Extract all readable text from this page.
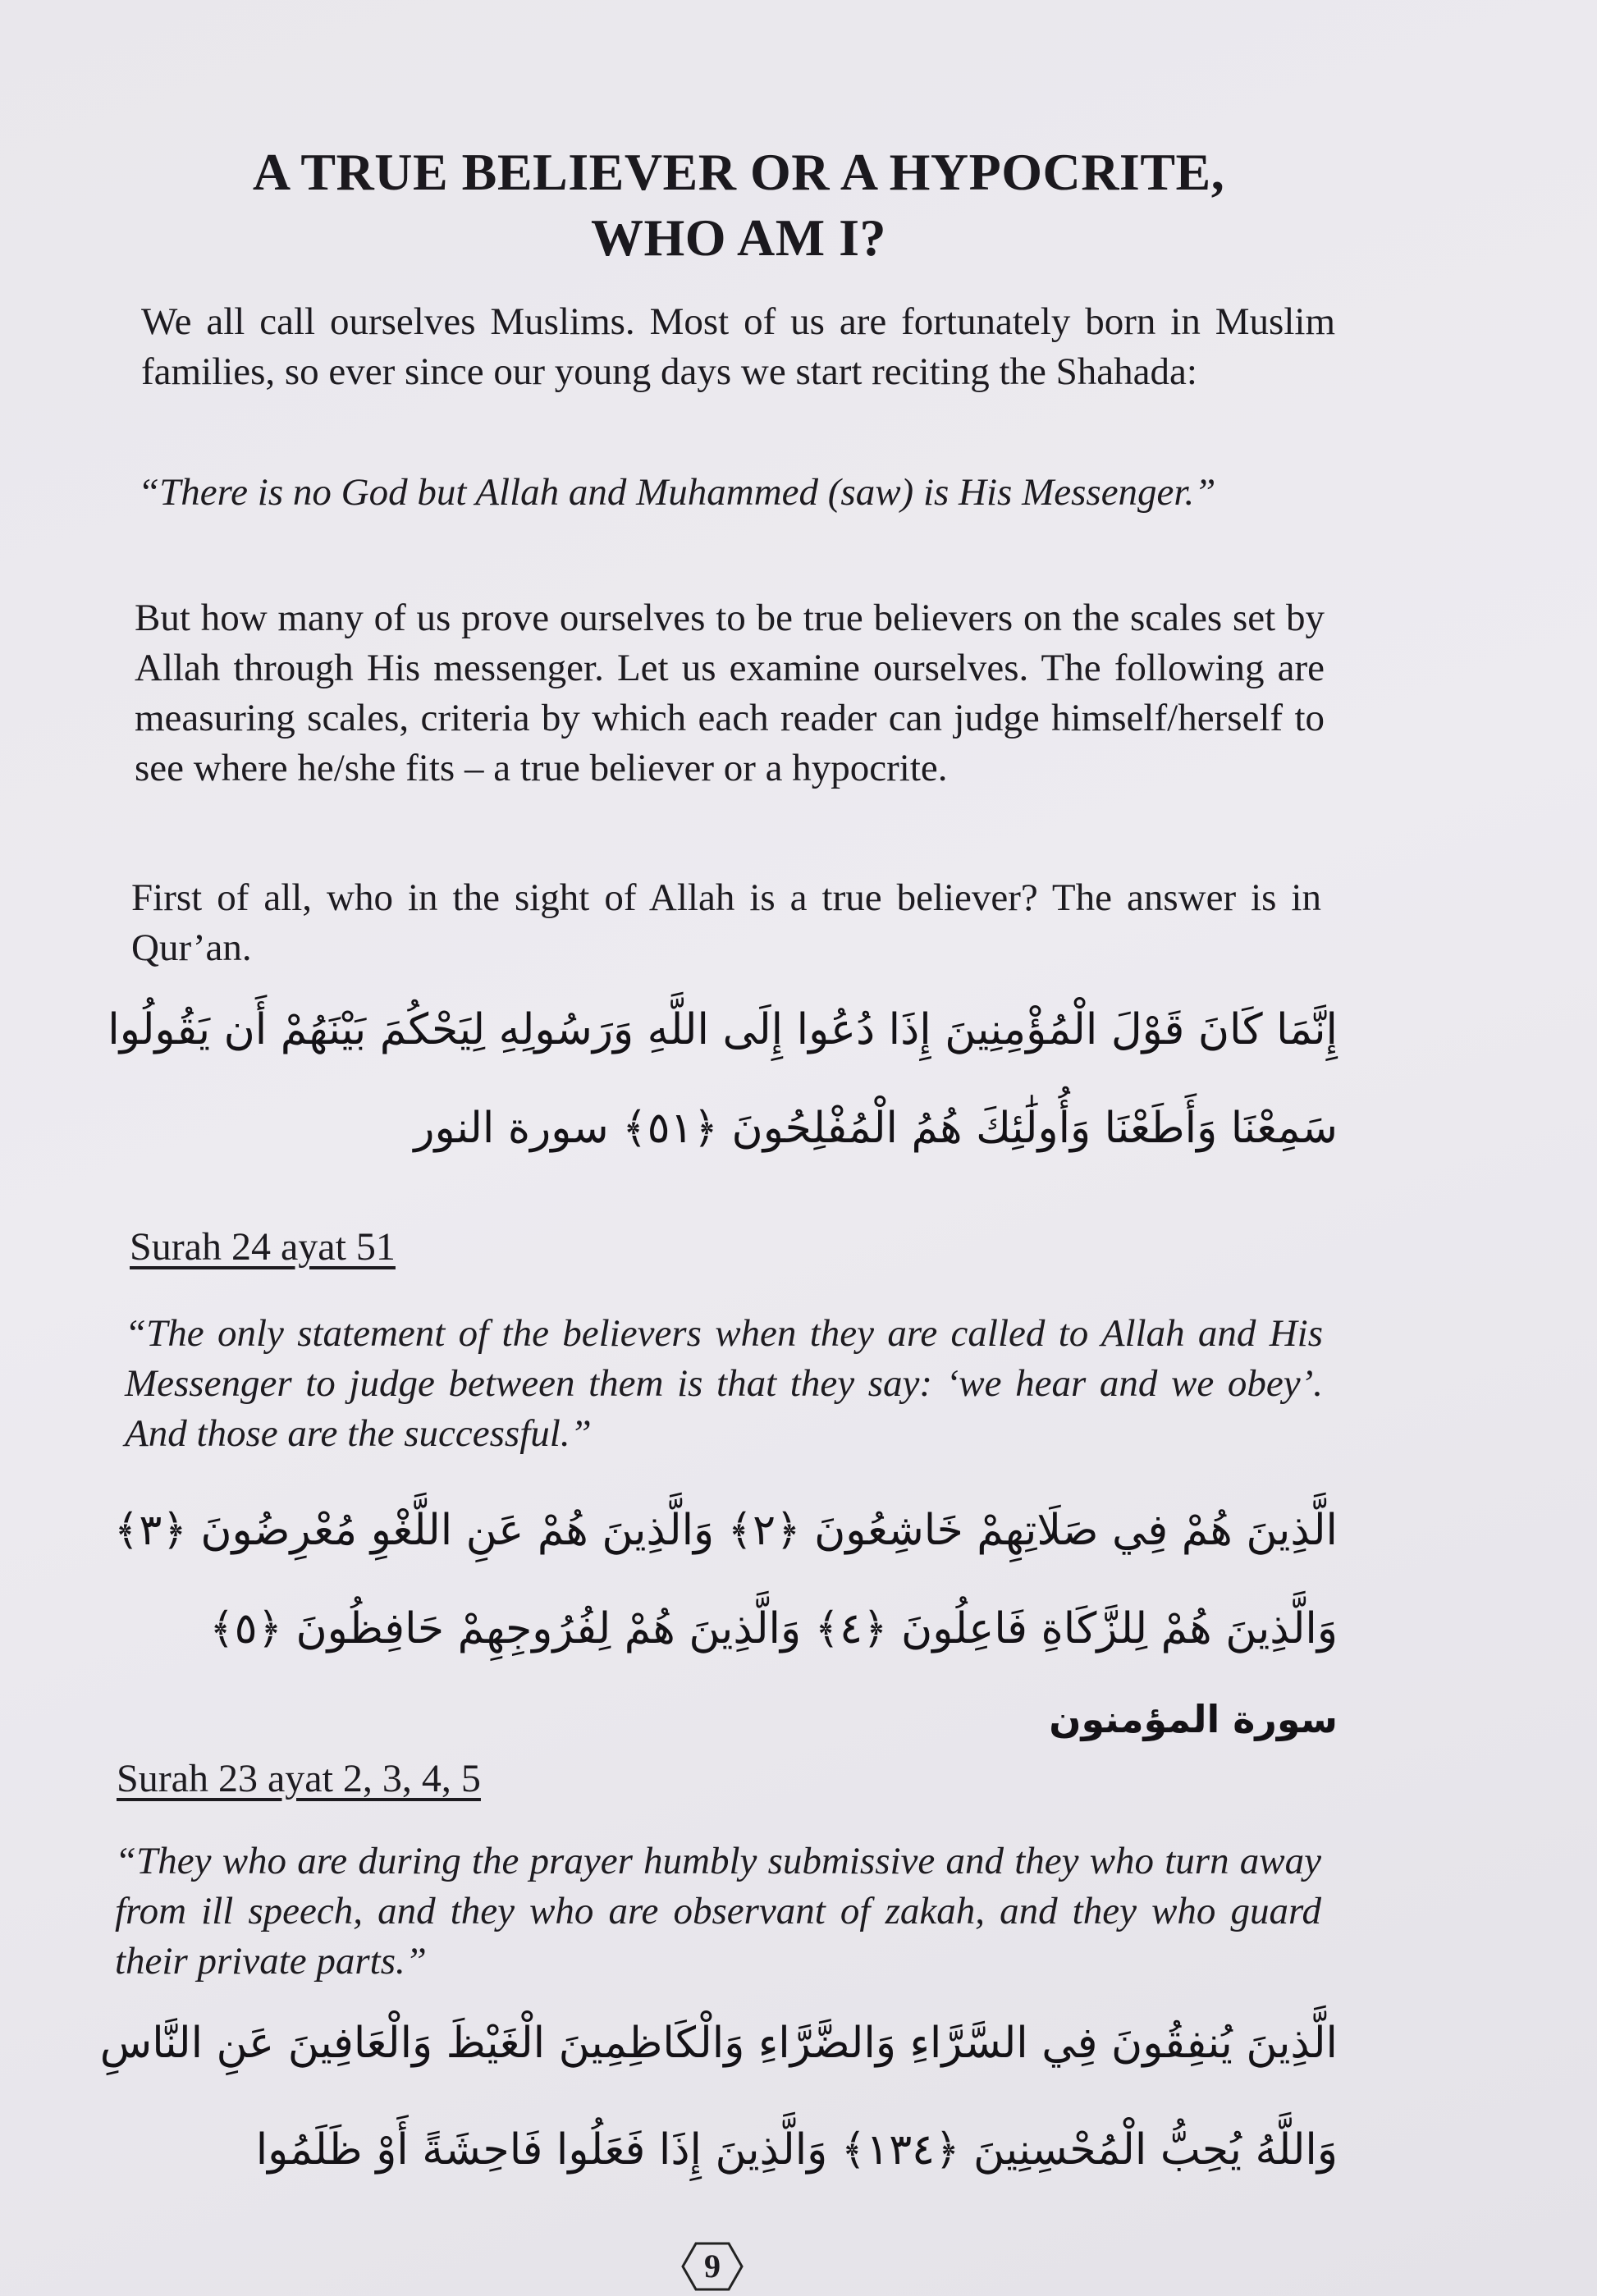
A TRUE BELIEVER OR A HYPOCRITE,
WHO AM I?

We all call ourselves Muslims. Most of us are fortunately born in Muslim families, so ever since our young days we start reciting the Shahada:

“There is no God but Allah and Muhammed (saw) is His Messenger.”

But how many of us prove ourselves to be true believers on the scales set by Allah through His messenger. Let us examine ourselves. The following are measuring scales, criteria by which each reader can judge himself/herself to see where he/she fits – a true believer or a hypocrite.

First of all, who in the sight of Allah is a true believer? The answer is in Qur’an.

إِنَّمَا كَانَ قَوْلَ الْمُؤْمِنِينَ إِذَا دُعُوا إِلَى اللَّهِ وَرَسُولِهِ لِيَحْكُمَ بَيْنَهُمْ أَن يَقُولُوا
سَمِعْنَا وَأَطَعْنَا وَأُولَٰئِكَ هُمُ الْمُفْلِحُونَ ﴿٥١﴾ سورة النور
Surah 24 ayat 51

“The only statement of the believers when they are called to Allah and His Messenger to judge between them is that they say: ‘we hear and we obey’. And those are the successful.”

الَّذِينَ هُمْ فِي صَلَاتِهِمْ خَاشِعُونَ ﴿٢﴾ وَالَّذِينَ هُمْ عَنِ اللَّغْوِ مُعْرِضُونَ ﴿٣﴾
وَالَّذِينَ هُمْ لِلزَّكَاةِ فَاعِلُونَ ﴿٤﴾ وَالَّذِينَ هُمْ لِفُرُوجِهِمْ حَافِظُونَ ﴿٥﴾
سورة المؤمنون
Surah 23 ayat 2, 3, 4, 5

“They who are during the prayer humbly submissive and they who turn away from ill speech, and they who are observant of zakah, and they who guard their private parts.”

الَّذِينَ يُنفِقُونَ فِي السَّرَّاءِ وَالضَّرَّاءِ وَالْكَاظِمِينَ الْغَيْظَ وَالْعَافِينَ عَنِ النَّاسِ
وَاللَّهُ يُحِبُّ الْمُحْسِنِينَ ﴿١٣٤﴾ وَالَّذِينَ إِذَا فَعَلُوا فَاحِشَةً أَوْ ظَلَمُوا
9
